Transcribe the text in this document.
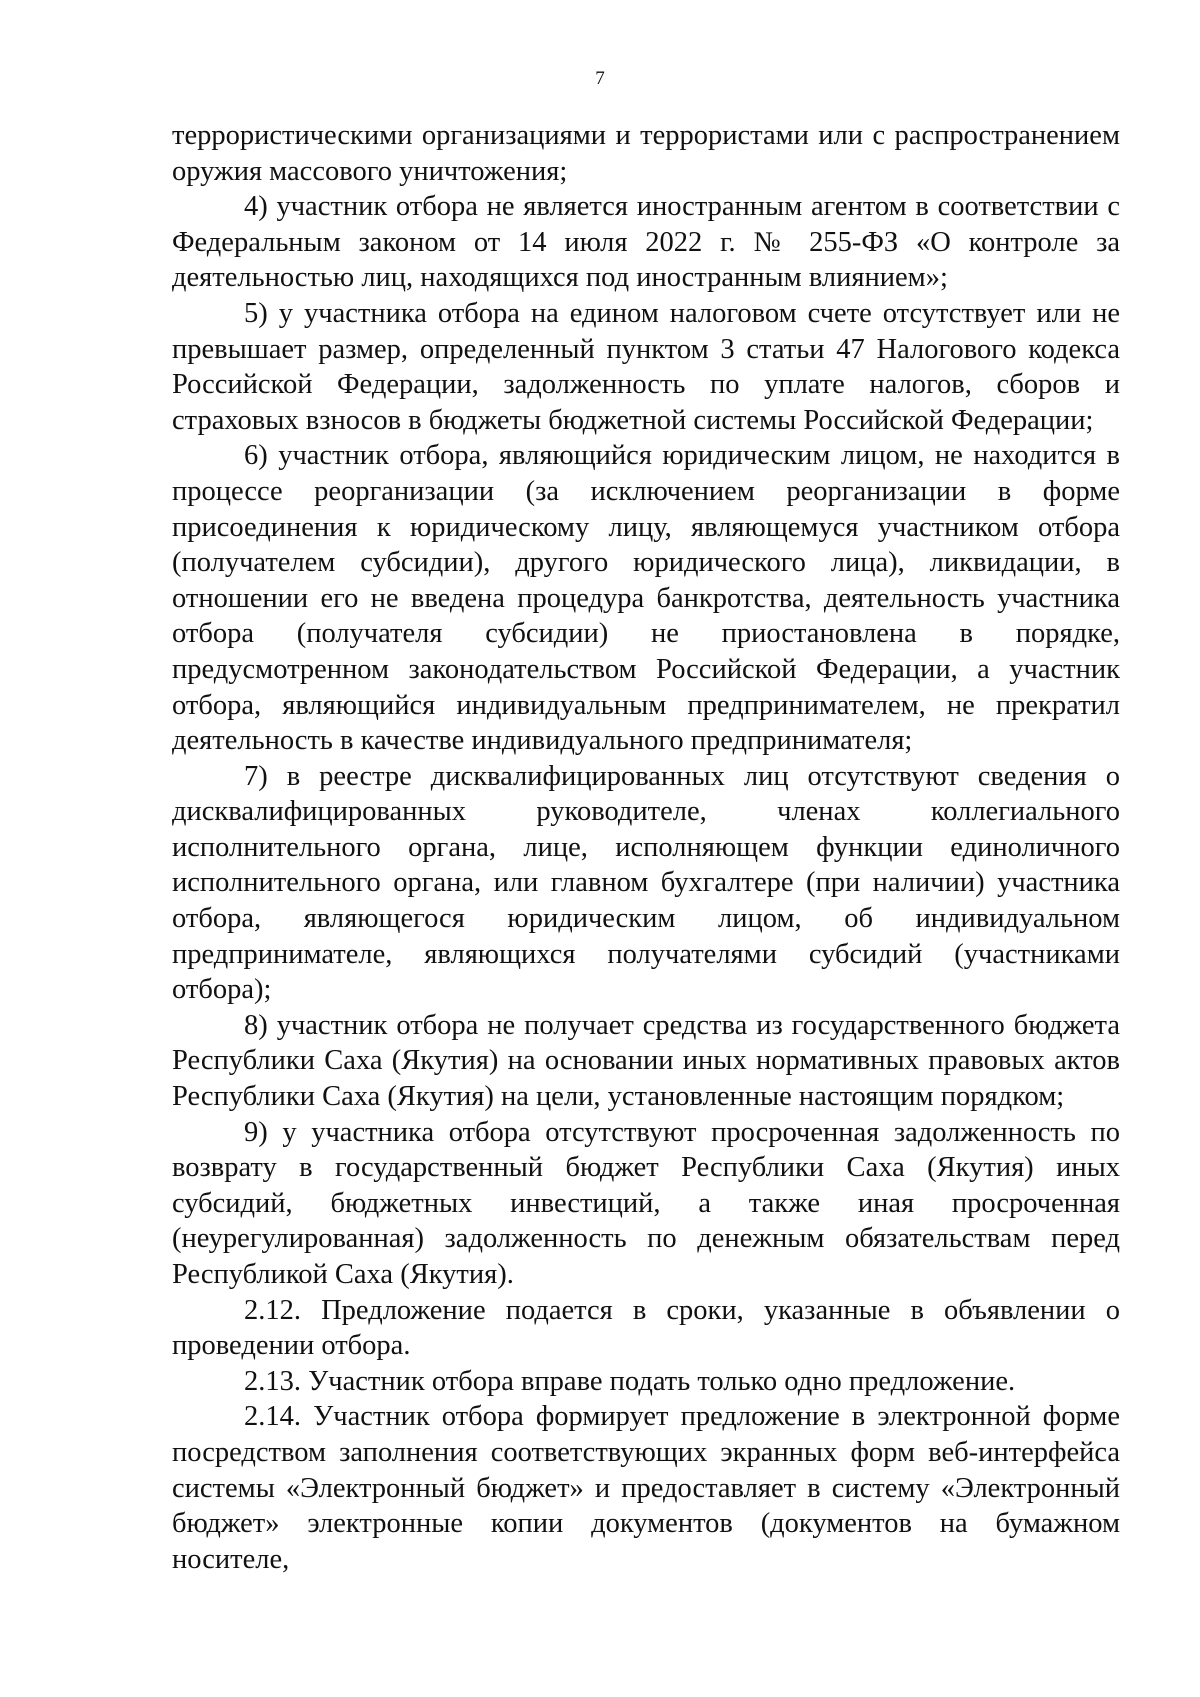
7

террористическими организациями и террористами или с распространением оружия массового уничтожения;

4) участник отбора не является иностранным агентом в соответствии с Федеральным законом от 14 июля 2022 г. № 255-ФЗ «О контроле за деятельностью лиц, находящихся под иностранным влиянием»;

5) у участника отбора на едином налоговом счете отсутствует или не превышает размер, определенный пунктом 3 статьи 47 Налогового кодекса Российской Федерации, задолженность по уплате налогов, сборов и страховых взносов в бюджеты бюджетной системы Российской Федерации;

6) участник отбора, являющийся юридическим лицом, не находится в процессе реорганизации (за исключением реорганизации в форме присоединения к юридическому лицу, являющемуся участником отбора (получателем субсидии), другого юридического лица), ликвидации, в отношении его не введена процедура банкротства, деятельность участника отбора (получателя субсидии) не приостановлена в порядке, предусмотренном законодательством Российской Федерации, а участник отбора, являющийся индивидуальным предпринимателем, не прекратил деятельность в качестве индивидуального предпринимателя;

7) в реестре дисквалифицированных лиц отсутствуют сведения о дисквалифицированных руководителе, членах коллегиального исполнительного органа, лице, исполняющем функции единоличного исполнительного органа, или главном бухгалтере (при наличии) участника отбора, являющегося юридическим лицом, об индивидуальном предпринимателе, являющихся получателями субсидий (участниками отбора);

8) участник отбора не получает средства из государственного бюджета Республики Саха (Якутия) на основании иных нормативных правовых актов Республики Саха (Якутия) на цели, установленные настоящим порядком;

9) у участника отбора отсутствуют просроченная задолженность по возврату в государственный бюджет Республики Саха (Якутия) иных субсидий, бюджетных инвестиций, а также иная просроченная (неурегулированная) задолженность по денежным обязательствам перед Республикой Саха (Якутия).

2.12. Предложение подается в сроки, указанные в объявлении о проведении отбора.

2.13. Участник отбора вправе подать только одно предложение.

2.14. Участник отбора формирует предложение в электронной форме посредством заполнения соответствующих экранных форм веб-интерфейса системы «Электронный бюджет» и предоставляет в систему «Электронный бюджет» электронные копии документов (документов на бумажном носителе,
